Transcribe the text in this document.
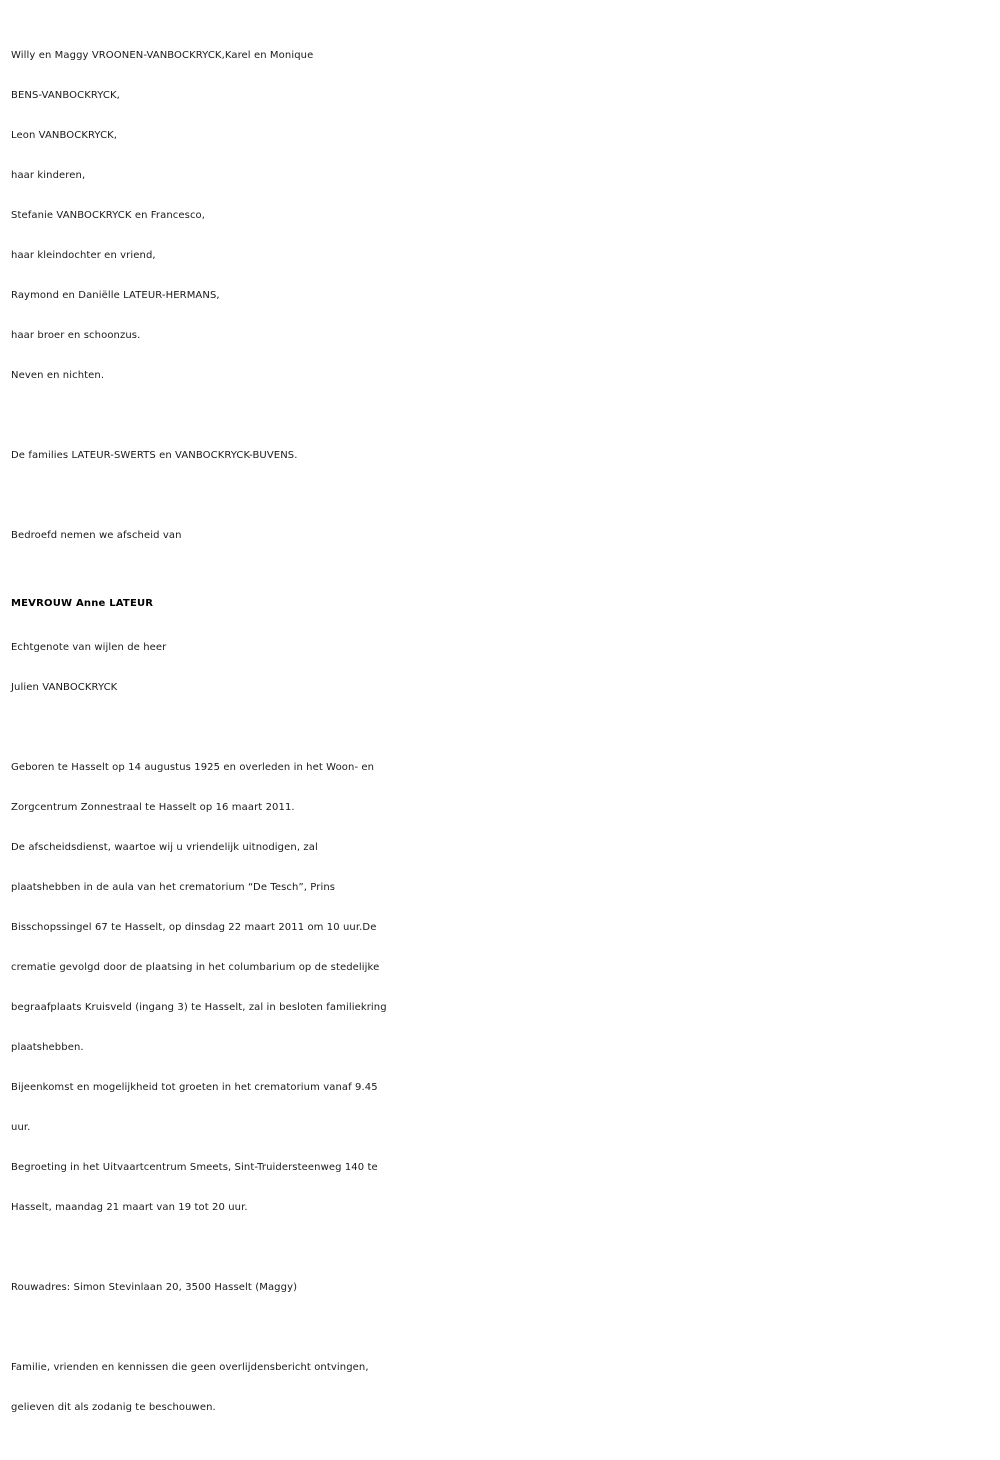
Willy en Maggy VROONEN-VANBOCKRYCK,Karel en Monique
BENS-VANBOCKRYCK,
Leon VANBOCKRYCK,
haar kinderen,
Stefanie VANBOCKRYCK en Francesco,
haar kleindochter en vriend,
Raymond en Daniëlle LATEUR-HERMANS,
haar broer en schoonzus.
Neven en nichten.
De families LATEUR-SWERTS en VANBOCKRYCK-BUVENS.
Bedroefd nemen we afscheid van
MEVROUW Anne LATEUR
Echtgenote van wijlen de heer
Julien VANBOCKRYCK
Geboren te Hasselt op 14 augustus 1925 en overleden in het Woon- en
Zorgcentrum Zonnestraal te Hasselt op 16 maart 2011.
De afscheidsdienst, waartoe wij u vriendelijk uitnodigen, zal
plaatshebben in de aula van het crematorium “De Tesch”, Prins
Bisschopssingel 67 te Hasselt, op dinsdag 22 maart 2011 om 10 uur.De
crematie gevolgd door de plaatsing in het columbarium op de stedelijke
begraafplaats Kruisveld (ingang 3) te Hasselt, zal in besloten familiekring
plaatshebben.
Bijeenkomst en mogelijkheid tot groeten in het crematorium vanaf 9.45
uur.
Begroeting in het Uitvaartcentrum Smeets, Sint-Truidersteenweg 140 te
Hasselt, maandag 21 maart van 19 tot 20 uur.
Rouwadres: Simon Stevinlaan 20, 3500 Hasselt (Maggy)
Familie, vrienden en kennissen die geen overlijdensbericht ontvingen,
gelieven dit als zodanig te beschouwen.
